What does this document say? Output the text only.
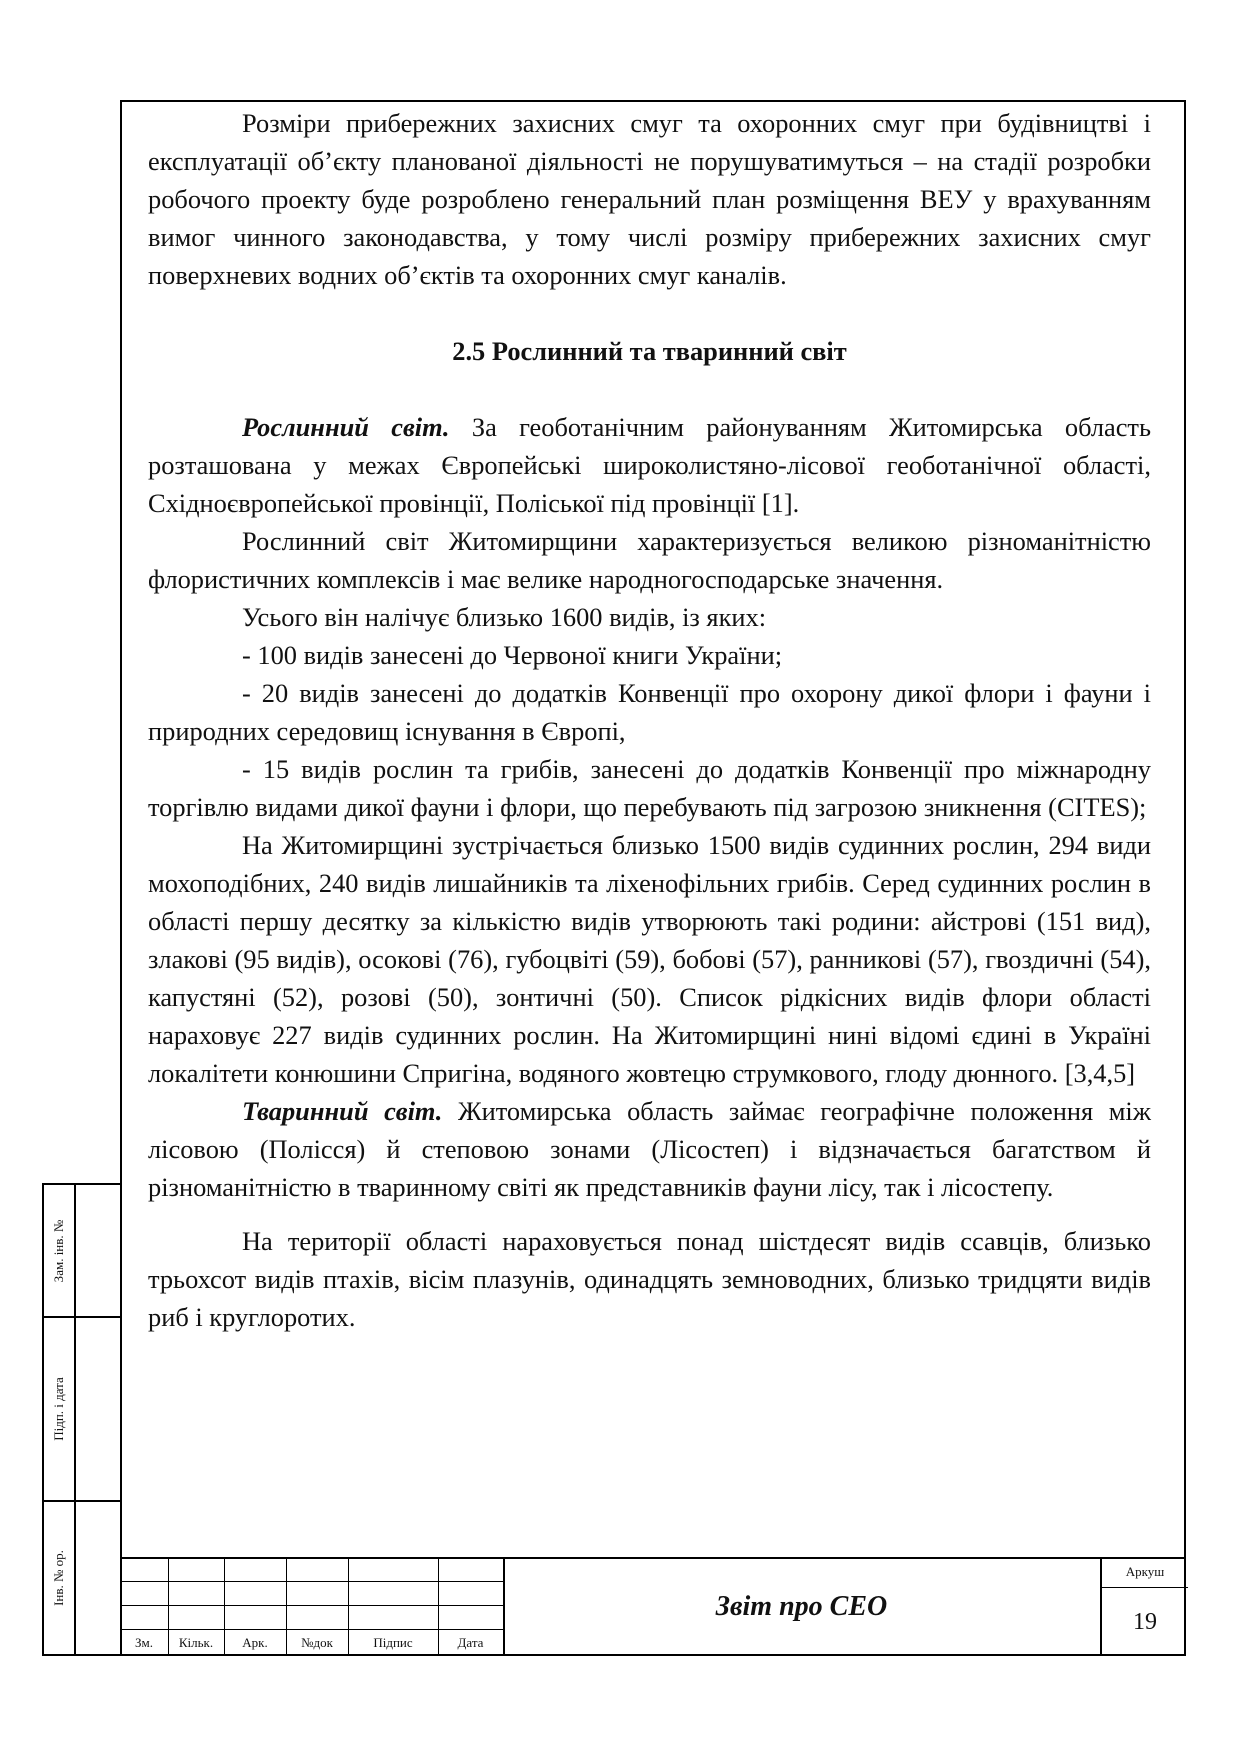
Розміри прибережних захисних смуг та охоронних смуг при будівництві і експлуатації об’єкту планованої діяльності не порушуватимуться – на стадії розробки робочого проекту буде розроблено генеральний план розміщення ВЕУ у врахуванням вимог чинного законодавства, у тому числі розміру прибережних захисних смуг поверхневих водних об’єктів та охоронних смуг каналів.

2.5 Рослинний та тваринний світ

Рослинний світ. За геоботанічним районуванням Житомирська область розташована у межах Європейські широколистяно-лісової геоботанічної області, Східноєвропейської провінції, Поліської під провінції [1].

Рослинний світ Житомирщини характеризується великою різноманітністю флористичних комплексів і має велике народногосподарське значення.

Усього він налічує близько 1600 видів, із яких:

- 100 видів занесені до Червоної книги України;

- 20 видів занесені до додатків Конвенції про охорону дикої флори і фауни і природних середовищ існування в Європі,

- 15 видів рослин та грибів, занесені до додатків Конвенції про міжнародну торгівлю видами дикої фауни і флори, що перебувають під загрозою зникнення (CITES);

На Житомирщині зустрічається близько 1500 видів судинних рослин, 294 види мохоподібних, 240 видів лишайників та ліхенофільних грибів. Серед судинних рослин в області першу десятку за кількістю видів утворюють такі родини: айстрові (151 вид), злакові (95 видів), осокові (76), губоцвіті (59), бобові (57), ранникові (57), гвоздичні (54), капустяні (52), розові (50), зонтичні (50). Список рідкісних видів флори області нараховує 227 видів судинних рослин. На Житомирщині нині відомі єдині в Україні локалітети конюшини Спригіна, водяного жовтецю струмкового, глоду дюнного. [3,4,5]

Тваринний світ. Житомирська область займає географічне положення між лісовою (Полісся) й степовою зонами (Лісостеп) і відзначається багатством й різноманітністю в тваринному світі як представників фауни лісу, так і лісостепу.

На території області нараховується понад шістдесят видів ссавців, близько трьохсот видів птахів, вісім плазунів, одинадцять земноводних, близько тридцяти видів риб і круглоротих.

Зам. інв. №
Підп. і дата
Інв. № ор.
Зм.	Кільк.	Арк.	№док	Підпис	Дата
Звіт про СЕО
Аркуш
19
